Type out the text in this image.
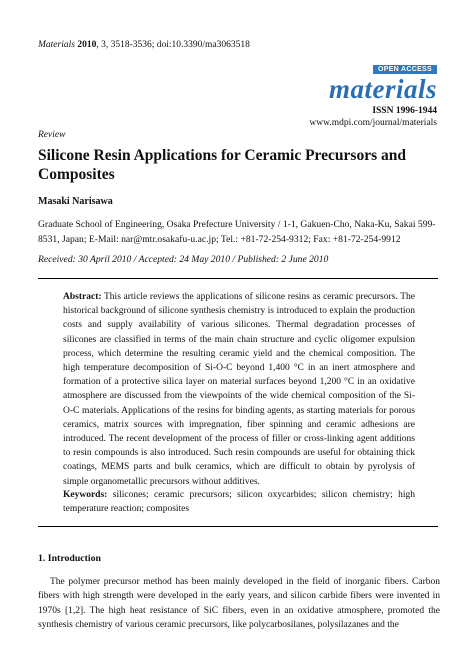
Materials 2010, 3, 3518-3536; doi:10.3390/ma3063518
OPEN ACCESS
materials
ISSN 1996-1944
www.mdpi.com/journal/materials
Review
Silicone Resin Applications for Ceramic Precursors and Composites
Masaki Narisawa
Graduate School of Engineering, Osaka Prefecture University / 1-1, Gakuen-Cho, Naka-Ku, Sakai 599-8531, Japan; E-Mail: nar@mtr.osakafu-u.ac.jp; Tel.: +81-72-254-9312; Fax: +81-72-254-9912
Received: 30 April 2010 / Accepted: 24 May 2010 / Published: 2 June 2010
Abstract: This article reviews the applications of silicone resins as ceramic precursors. The historical background of silicone synthesis chemistry is introduced to explain the production costs and supply availability of various silicones. Thermal degradation processes of silicones are classified in terms of the main chain structure and cyclic oligomer expulsion process, which determine the resulting ceramic yield and the chemical composition. The high temperature decomposition of Si-O-C beyond 1,400 °C in an inert atmosphere and formation of a protective silica layer on material surfaces beyond 1,200 °C in an oxidative atmosphere are discussed from the viewpoints of the wide chemical composition of the Si-O-C materials. Applications of the resins for binding agents, as starting materials for porous ceramics, matrix sources with impregnation, fiber spinning and ceramic adhesions are introduced. The recent development of the process of filler or cross-linking agent additions to resin compounds is also introduced. Such resin compounds are useful for obtaining thick coatings, MEMS parts and bulk ceramics, which are difficult to obtain by pyrolysis of simple organometallic precursors without additives.
Keywords: silicones; ceramic precursors; silicon oxycarbides; silicon chemistry; high temperature reaction; composites
1. Introduction
The polymer precursor method has been mainly developed in the field of inorganic fibers. Carbon fibers with high strength were developed in the early years, and silicon carbide fibers were invented in 1970s [1,2]. The high heat resistance of SiC fibers, even in an oxidative atmosphere, promoted the synthesis chemistry of various ceramic precursors, like polycarbosilanes, polysilazanes and the
